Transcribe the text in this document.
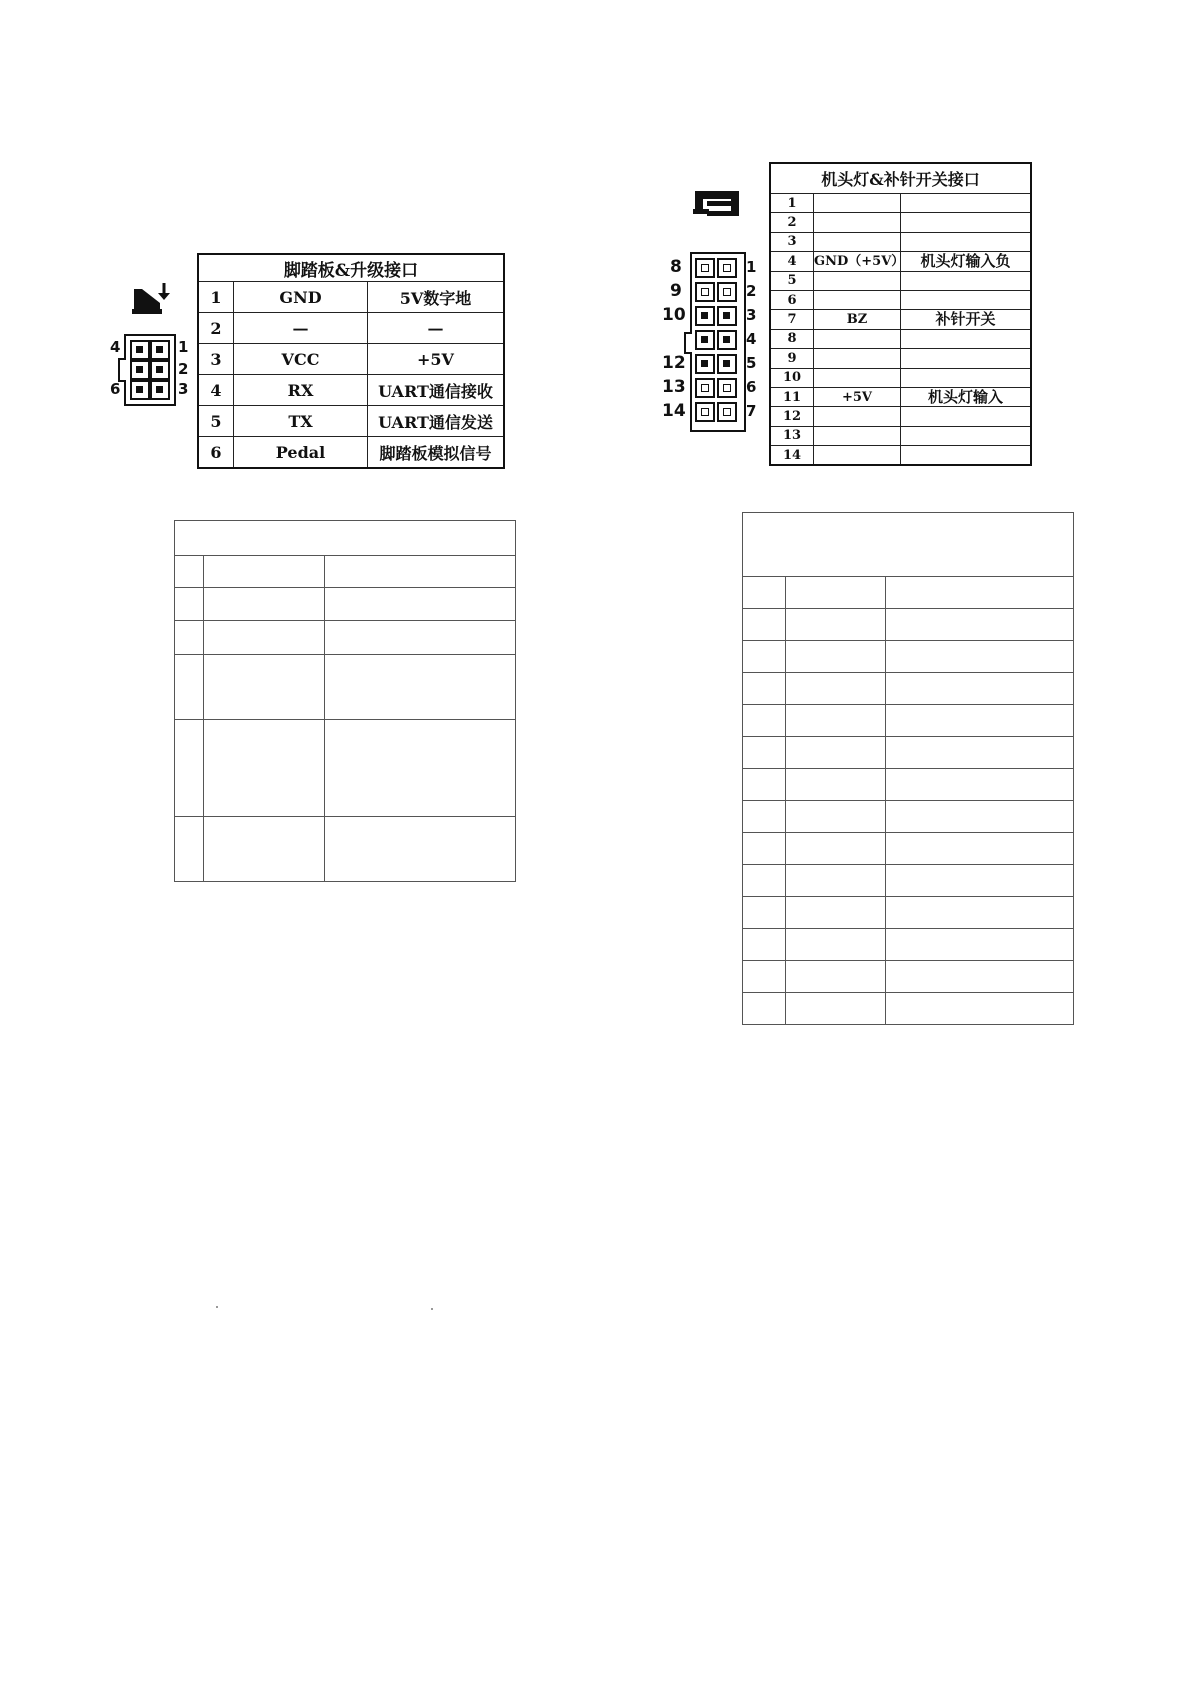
4
6
1
2
3
脚踏板&升级接口		
1	GND	5V数字地
2	—	—
3	VCC	+5V
4	RX	UART通信接收
5	TX	UART通信发送
6	Pedal	脚踏板模拟信号
8
9
10
12
13
14
1
2
3
4
5
6
7
机头灯&补针开关接口		
1		
2		
3		
4	GND（+5V）	机头灯输入负
5		
6		
7	BZ	补针开关
8		
9		
10		
11	+5V	机头灯输入
12		
13		
14		
